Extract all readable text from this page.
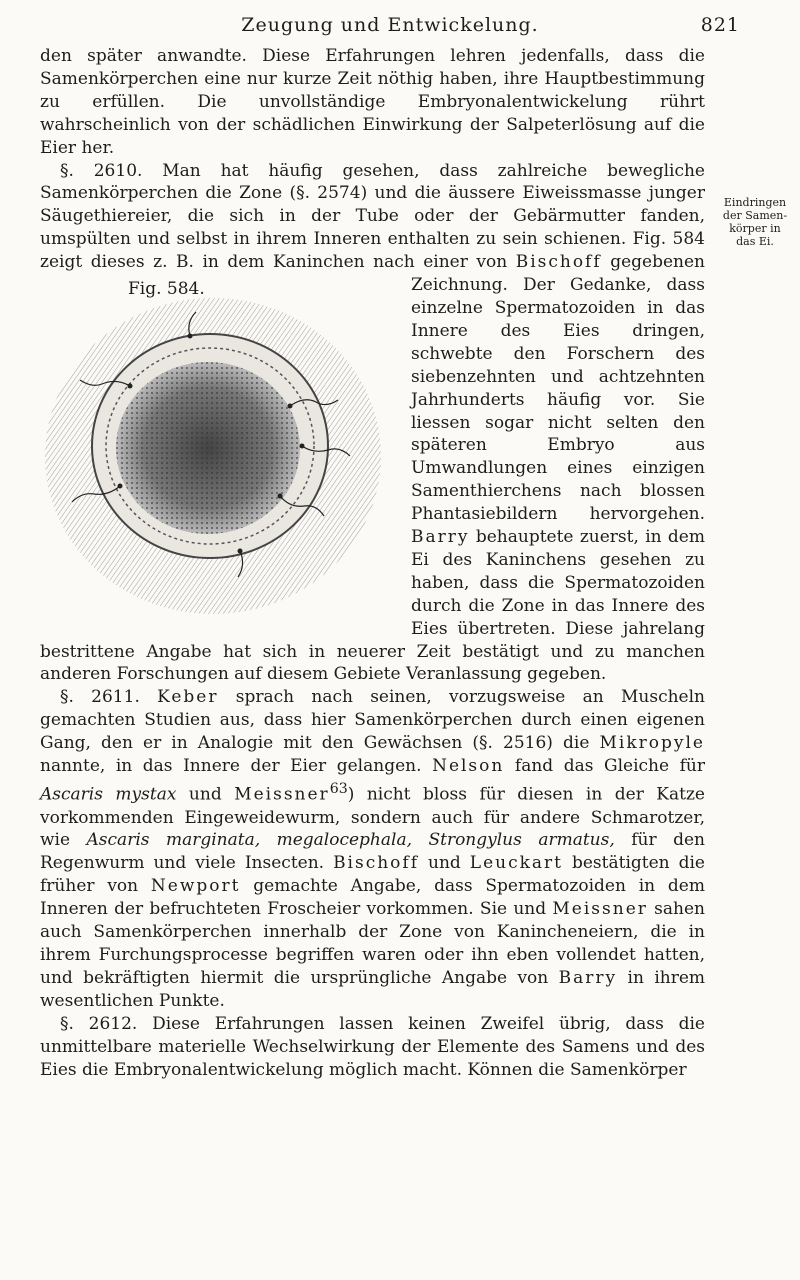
Zeugung und Entwickelung.	821
Eindringen
der Samen-
körper in
das Ei.

den später anwandte. Diese Erfahrungen lehren jedenfalls, dass die Samenkörperchen eine nur kurze Zeit nöthig haben, ihre Hauptbestimmung zu erfüllen. Die unvollständige Embryonalentwickelung rührt wahrscheinlich von der schädlichen Einwirkung der Salpeterlösung auf die Eier her.

§. 2610. Man hat häufig gesehen, dass zahlreiche bewegliche Samenkörperchen die Zone (§. 2574) und die äussere Eiweissmasse junger Säugethiereier, die sich in der Tube oder der Gebärmutter fanden, umspülten und selbst in ihrem Inneren enthalten zu sein schienen. Fig. 584 zeigt dieses z. B. in dem Kaninchen nach einer von
Fig. 584.
Bischoff gegebenen Zeichnung. Der Gedanke, dass einzelne Spermatozoiden in das Innere des Eies dringen, schwebte den Forschern des siebenzehnten und achtzehnten Jahrhunderts häufig vor. Sie liessen sogar nicht selten den späteren Embryo aus Umwandlungen eines einzigen Samenthierchens nach blossen Phantasiebildern hervorgehen. Barry behauptete zuerst, in dem Ei des Kaninchens gesehen zu haben, dass die Spermatozoiden durch die Zone in das Innere des Eies übertreten. Diese jahrelang bestrittene Angabe hat sich in neuerer Zeit bestätigt und zu manchen anderen Forschungen auf diesem Gebiete Veranlassung gegeben.

§. 2611. Keber sprach nach seinen, vorzugsweise an Muscheln gemachten Studien aus, dass hier Samenkörperchen durch einen eigenen Gang, den er in Analogie mit den Gewächsen (§. 2516) die Mikropyle nannte, in das Innere der Eier gelangen. Nelson fand das Gleiche für Ascaris mystax und Meissner$^{63}$) nicht bloss für diesen in der Katze vorkommenden Eingeweidewurm, sondern auch für andere Schmarotzer, wie Ascaris marginata, megalocephala, Strongylus armatus, für den Regenwurm und viele Insecten. Bischoff und Leuckart bestätigten die früher von Newport gemachte Angabe, dass Spermatozoiden in dem Inneren der befruchteten Froscheier vorkommen. Sie und Meissner sahen auch Samenkörperchen innerhalb der Zone von Kanincheneiern, die in ihrem Furchungsprocesse begriffen waren oder ihn eben vollendet hatten, und bekräftigten hiermit die ursprüngliche Angabe von Barry in ihrem wesentlichen Punkte.

§. 2612. Diese Erfahrungen lassen keinen Zweifel übrig, dass die unmittelbare materielle Wechselwirkung der Elemente des Samens und des Eies die Embryonalentwickelung möglich macht. Können die Samenkörper
